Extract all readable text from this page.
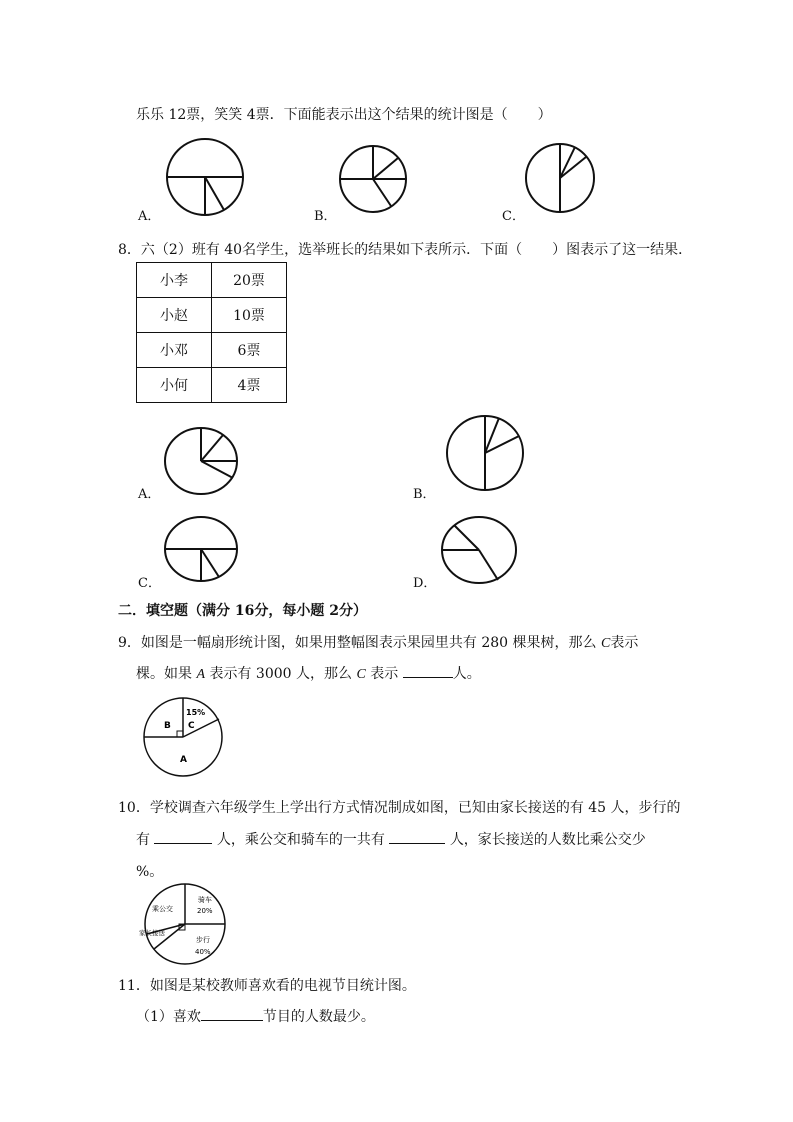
乐乐 12票，笑笑 4票．下面能表示出这个结果的统计图是（ ）
A．	B．	C．
8．六（2）班有 40名学生，选举班长的结果如下表所示．下面（ ）图表示了这一结果．
小李	20票
小赵	10票
小邓	6票
小何	4票
A．	B．
C．	D．
二．填空题（满分 16分，每小题 2分）
9．如图是一幅扇形统计图，如果用整幅图表示果园里共有 280 棵果树，那么 C表示
棵。如果 A 表示有 3000 人，那么 C 表示	人。
15%
C
B
A
10．学校调查六年级学生上学出行方式情况制成如图，已知由家长接送的有 45 人，步行的
有	人，乘公交和骑车的一共有	人，家长接送的人数比乘公交少
%。
乘公交
骑车
20%
家长接送
步行
40%
11．如图是某校教师喜欢看的电视节目统计图。
（1）喜欢	节目的人数最少。
